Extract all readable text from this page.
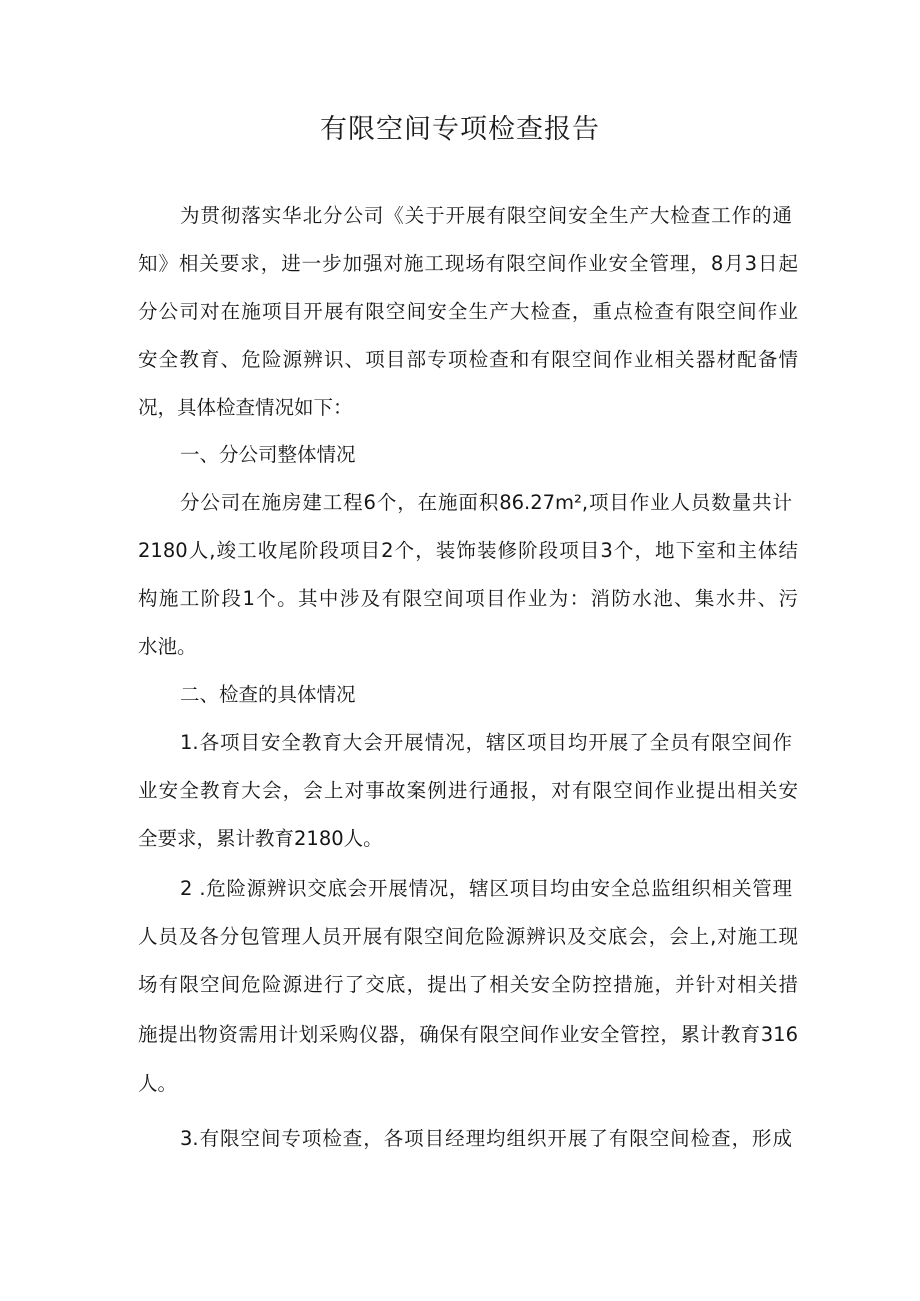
有限空间专项检查报告
为贯彻落实华北分公司《关于开展有限空间安全生产大检查工作的通
知》相关要求，进一步加强对施工现场有限空间作业安全管理，8月3日起
分公司对在施项目开展有限空间安全生产大检查，重点检查有限空间作业
安全教育、危险源辨识、项目部专项检查和有限空间作业相关器材配备情
况，具体检查情况如下：
一、分公司整体情况
分公司在施房建工程6个，在施面积86.27m²,项目作业人员数量共计
2180人,竣工收尾阶段项目2个，装饰装修阶段项目3个，地下室和主体结
构施工阶段1个。其中涉及有限空间项目作业为：消防水池、集水井、污
水池。
二、检查的具体情况
1.各项目安全教育大会开展情况，辖区项目均开展了全员有限空间作
业安全教育大会，会上对事故案例进行通报，对有限空间作业提出相关安
全要求，累计教育2180人。
2 .危险源辨识交底会开展情况，辖区项目均由安全总监组织相关管理
人员及各分包管理人员开展有限空间危险源辨识及交底会，会上,对施工现
场有限空间危险源进行了交底，提出了相关安全防控措施，并针对相关措
施提出物资需用计划采购仪器，确保有限空间作业安全管控，累计教育316
人。
3.有限空间专项检查，各项目经理均组织开展了有限空间检查，形成
